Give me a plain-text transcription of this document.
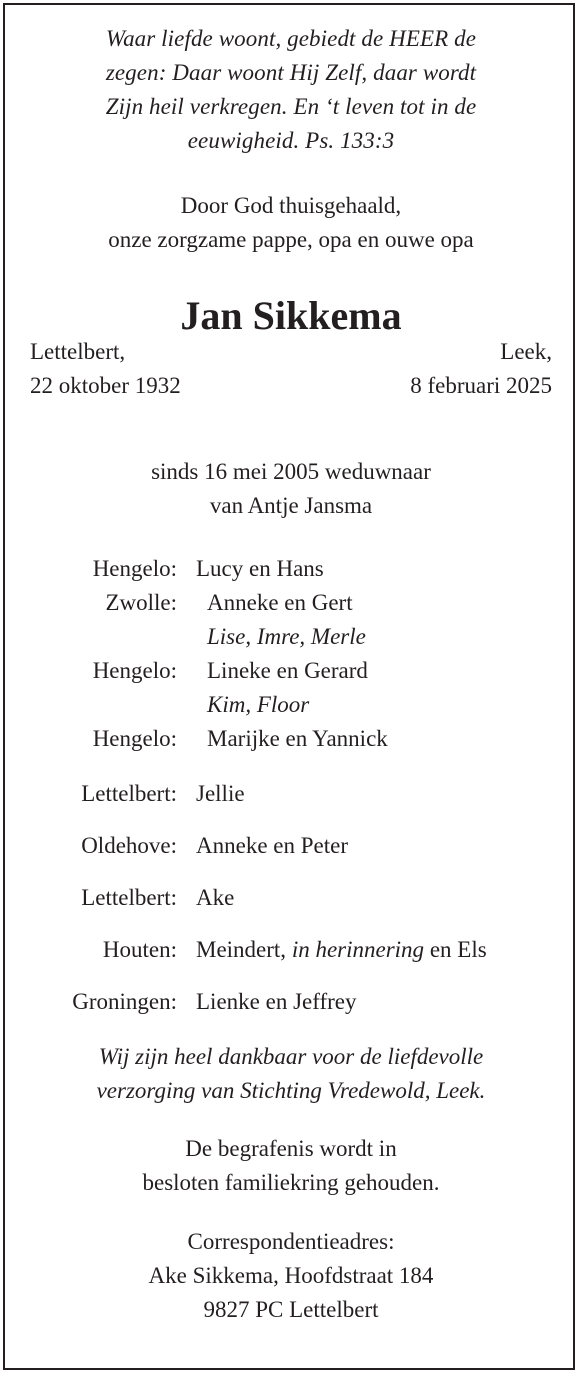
Waar liefde woont, gebiedt de HEER de
zegen: Daar woont Hij Zelf, daar wordt
Zijn heil verkregen. En ‘t leven tot in de
eeuwigheid. Ps. 133:3

Door God thuisgehaald,
onze zorgzame pappe, opa en ouwe opa

Jan Sikkema

Lettelbert,
22 oktober 1932

Leek,
8 februari 2025

sinds 16 mei 2005 weduwnaar
van Antje Jansma

Hengelo: Lucy en Hans
Zwolle: Anneke en Gert
Lise, Imre, Merle
Hengelo: Lineke en Gerard
Kim, Floor
Hengelo: Marijke en Yannick
Lettelbert: Jellie
Oldehove: Anneke en Peter
Lettelbert: Ake
Houten: Meindert, in herinnering en Els
Groningen: Lienke en Jeffrey

Wij zijn heel dankbaar voor de liefdevolle
verzorging van Stichting Vredewold, Leek.

De begrafenis wordt in
besloten familiekring gehouden.

Correspondentieadres:
Ake Sikkema, Hoofdstraat 184
9827 PC Lettelbert
